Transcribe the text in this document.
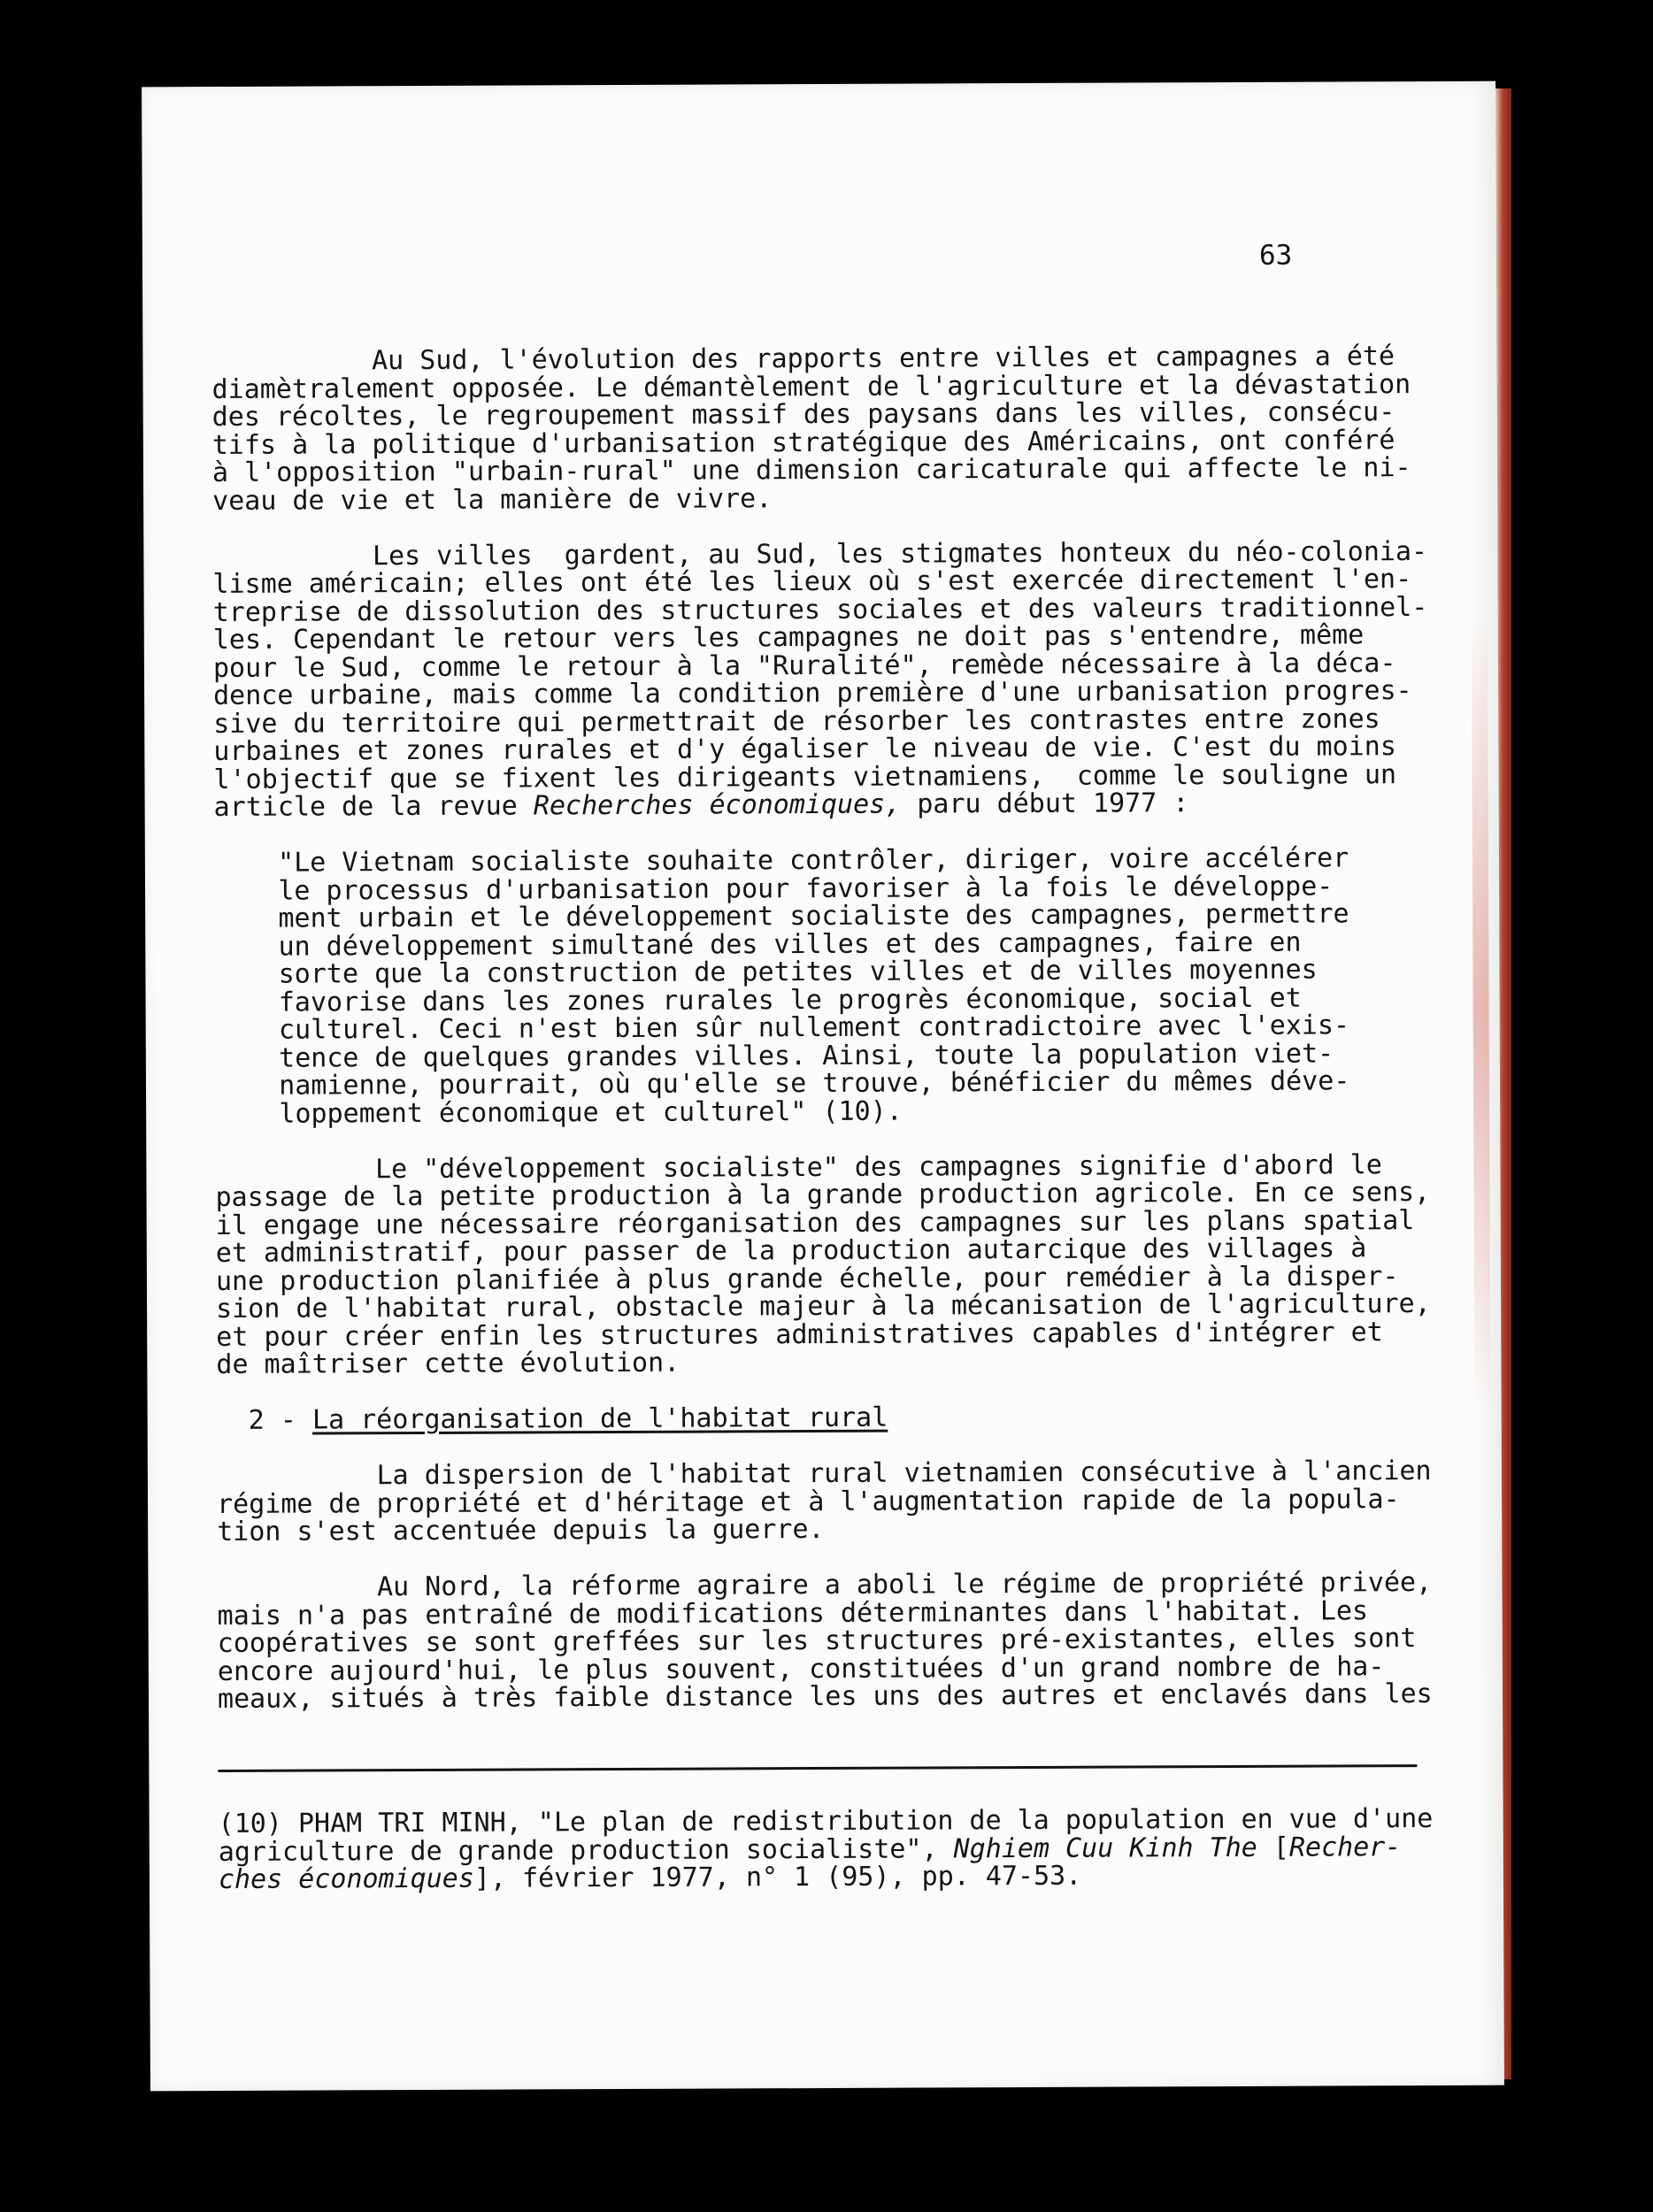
63

Au Sud, l'évolution des rapports entre villes et campagnes a été

diamètralement opposée. Le démantèlement de l'agriculture et la dévastation

des récoltes, le regroupement massif des paysans dans les villes, consécu-

tifs à la politique d'urbanisation stratégique des Américains, ont conféré

à l'opposition "urbain-rural" une dimension caricaturale qui affecte le ni-

veau de vie et la manière de vivre.

Les villes  gardent, au Sud, les stigmates honteux du néo-colonia-

lisme américain; elles ont été les lieux où s'est exercée directement l'en-

treprise de dissolution des structures sociales et des valeurs traditionnel-

les. Cependant le retour vers les campagnes ne doit pas s'entendre, même

pour le Sud, comme le retour à la "Ruralité", remède nécessaire à la déca-

dence urbaine, mais comme la condition première d'une urbanisation progres-

sive du territoire qui permettrait de résorber les contrastes entre zones

urbaines et zones rurales et d'y égaliser le niveau de vie. C'est du moins

l'objectif que se fixent les dirigeants vietnamiens,  comme le souligne un

article de la revue Recherches économiques, paru début 1977 :

"Le Vietnam socialiste souhaite contrôler, diriger, voire accélérer

le processus d'urbanisation pour favoriser à la fois le développe-

ment urbain et le développement socialiste des campagnes, permettre

un développement simultané des villes et des campagnes, faire en

sorte que la construction de petites villes et de villes moyennes

favorise dans les zones rurales le progrès économique, social et

culturel. Ceci n'est bien sûr nullement contradictoire avec l'exis-

tence de quelques grandes villes. Ainsi, toute la population viet-

namienne, pourrait, où qu'elle se trouve, bénéficier du mêmes déve-

loppement économique et culturel" (10).

Le "développement socialiste" des campagnes signifie d'abord le

passage de la petite production à la grande production agricole. En ce sens,

il engage une nécessaire réorganisation des campagnes sur les plans spatial

et administratif, pour passer de la production autarcique des villages à

une production planifiée à plus grande échelle, pour remédier à la disper-

sion de l'habitat rural, obstacle majeur à la mécanisation de l'agriculture,

et pour créer enfin les structures administratives capables d'intégrer et

de maîtriser cette évolution.

2 - La réorganisation de l'habitat rural

La dispersion de l'habitat rural vietnamien consécutive à l'ancien

régime de propriété et d'héritage et à l'augmentation rapide de la popula-

tion s'est accentuée depuis la guerre.

Au Nord, la réforme agraire a aboli le régime de propriété privée,

mais n'a pas entraîné de modifications déterminantes dans l'habitat. Les

coopératives se sont greffées sur les structures pré-existantes, elles sont

encore aujourd'hui, le plus souvent, constituées d'un grand nombre de ha-

meaux, situés à très faible distance les uns des autres et enclavés dans les

(10) PHAM TRI MINH, "Le plan de redistribution de la population en vue d'une

agriculture de grande production socialiste", Nghiem Cuu Kinh The [Recher-

ches économiques], février 1977, n° 1 (95), pp. 47-53.
